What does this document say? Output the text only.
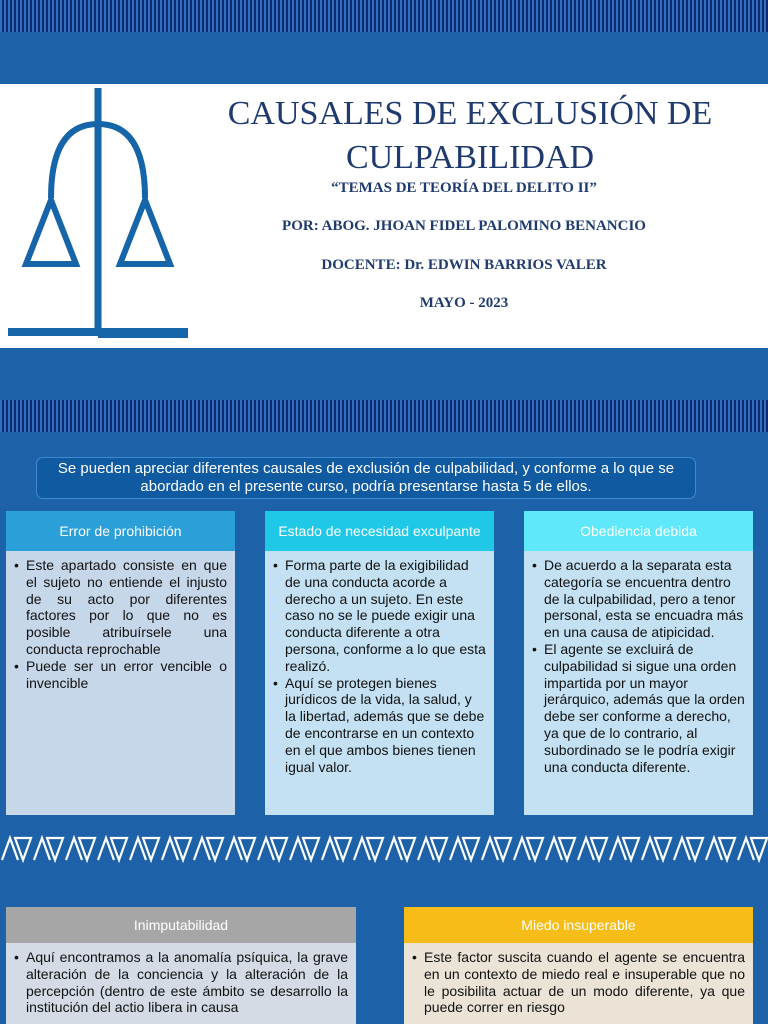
CAUSALES DE EXCLUSIÓN DE CULPABILIDAD
“TEMAS DE TEORÍA DEL DELITO II”
POR: ABOG. JHOAN FIDEL PALOMINO BENANCIO
DOCENTE: Dr. EDWIN BARRIOS VALER
MAYO - 2023
Se pueden apreciar diferentes causales de exclusión de culpabilidad, y conforme a lo que se abordado en el presente curso, podría presentarse hasta 5 de ellos.
Error de prohibición
• Este apartado consiste en que el sujeto no entiende el injusto de su acto por diferentes factores por lo que no es posible atribuírsele una conducta reprochable
• Puede ser un error vencible o invencible
Estado de necesidad exculpante
• Forma parte de la exigibilidad de una conducta acorde a derecho a un sujeto. En este caso no se le puede exigir una conducta diferente a otra persona, conforme a lo que esta realizó.
• Aquí se protegen bienes jurídicos de la vida, la salud, y la libertad, además que se debe de encontrarse en un contexto en el que ambos bienes tienen igual valor.
Obediencia debida
• De acuerdo a la separata esta categoría se encuentra dentro de la culpabilidad, pero a tenor personal, esta se encuadra más en una causa de atipicidad.
• El agente se excluirá de culpabilidad si sigue una orden impartida por un mayor jerárquico, además que la orden debe ser conforme a derecho, ya que de lo contrario, al subordinado se le podría exigir una conducta diferente.
Inimputabilidad
• Aquí encontramos a la anomalía psíquica, la grave alteración de la conciencia y la alteración de la percepción (dentro de este ámbito se desarrollo la institución del actio libera in causa
Miedo insuperable
• Este factor suscita cuando el agente se encuentra en un contexto de miedo real e insuperable que no le posibilita actuar de un modo diferente, ya que puede correr en riesgo
